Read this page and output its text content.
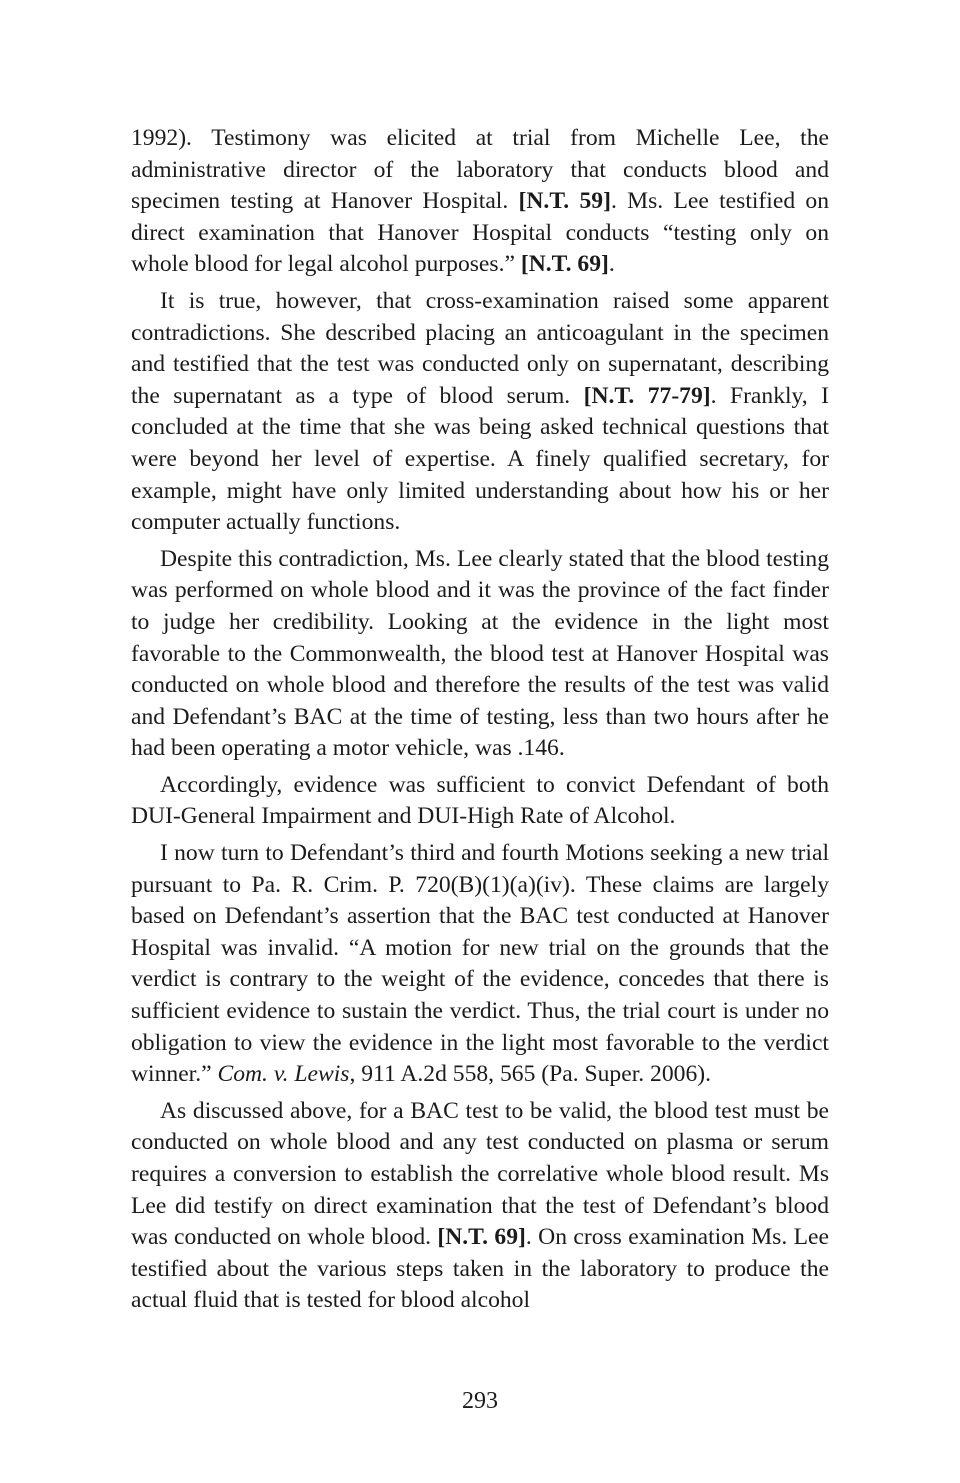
1992). Testimony was elicited at trial from Michelle Lee, the administrative director of the laboratory that conducts blood and specimen testing at Hanover Hospital. [N.T. 59]. Ms. Lee testified on direct examination that Hanover Hospital conducts “testing only on whole blood for legal alcohol purposes.” [N.T. 69].

It is true, however, that cross-examination raised some apparent contradictions. She described placing an anticoagulant in the specimen and testified that the test was conducted only on supernatant, describing the supernatant as a type of blood serum. [N.T. 77-79]. Frankly, I concluded at the time that she was being asked technical questions that were beyond her level of expertise. A finely qualified secretary, for example, might have only limited understanding about how his or her computer actually functions.

Despite this contradiction, Ms. Lee clearly stated that the blood testing was performed on whole blood and it was the province of the fact finder to judge her credibility. Looking at the evidence in the light most favorable to the Commonwealth, the blood test at Hanover Hospital was conducted on whole blood and therefore the results of the test was valid and Defendant’s BAC at the time of testing, less than two hours after he had been operating a motor vehicle, was .146.

Accordingly, evidence was sufficient to convict Defendant of both DUI-General Impairment and DUI-High Rate of Alcohol.

I now turn to Defendant’s third and fourth Motions seeking a new trial pursuant to Pa. R. Crim. P. 720(B)(1)(a)(iv). These claims are largely based on Defendant’s assertion that the BAC test conducted at Hanover Hospital was invalid. “A motion for new trial on the grounds that the verdict is contrary to the weight of the evidence, concedes that there is sufficient evidence to sustain the verdict. Thus, the trial court is under no obligation to view the evidence in the light most favorable to the verdict winner.” Com. v. Lewis, 911 A.2d 558, 565 (Pa. Super. 2006).

As discussed above, for a BAC test to be valid, the blood test must be conducted on whole blood and any test conducted on plasma or serum requires a conversion to establish the correlative whole blood result. Ms Lee did testify on direct examination that the test of Defendant’s blood was conducted on whole blood. [N.T. 69]. On cross examination Ms. Lee testified about the various steps taken in the laboratory to produce the actual fluid that is tested for blood alcohol

293
